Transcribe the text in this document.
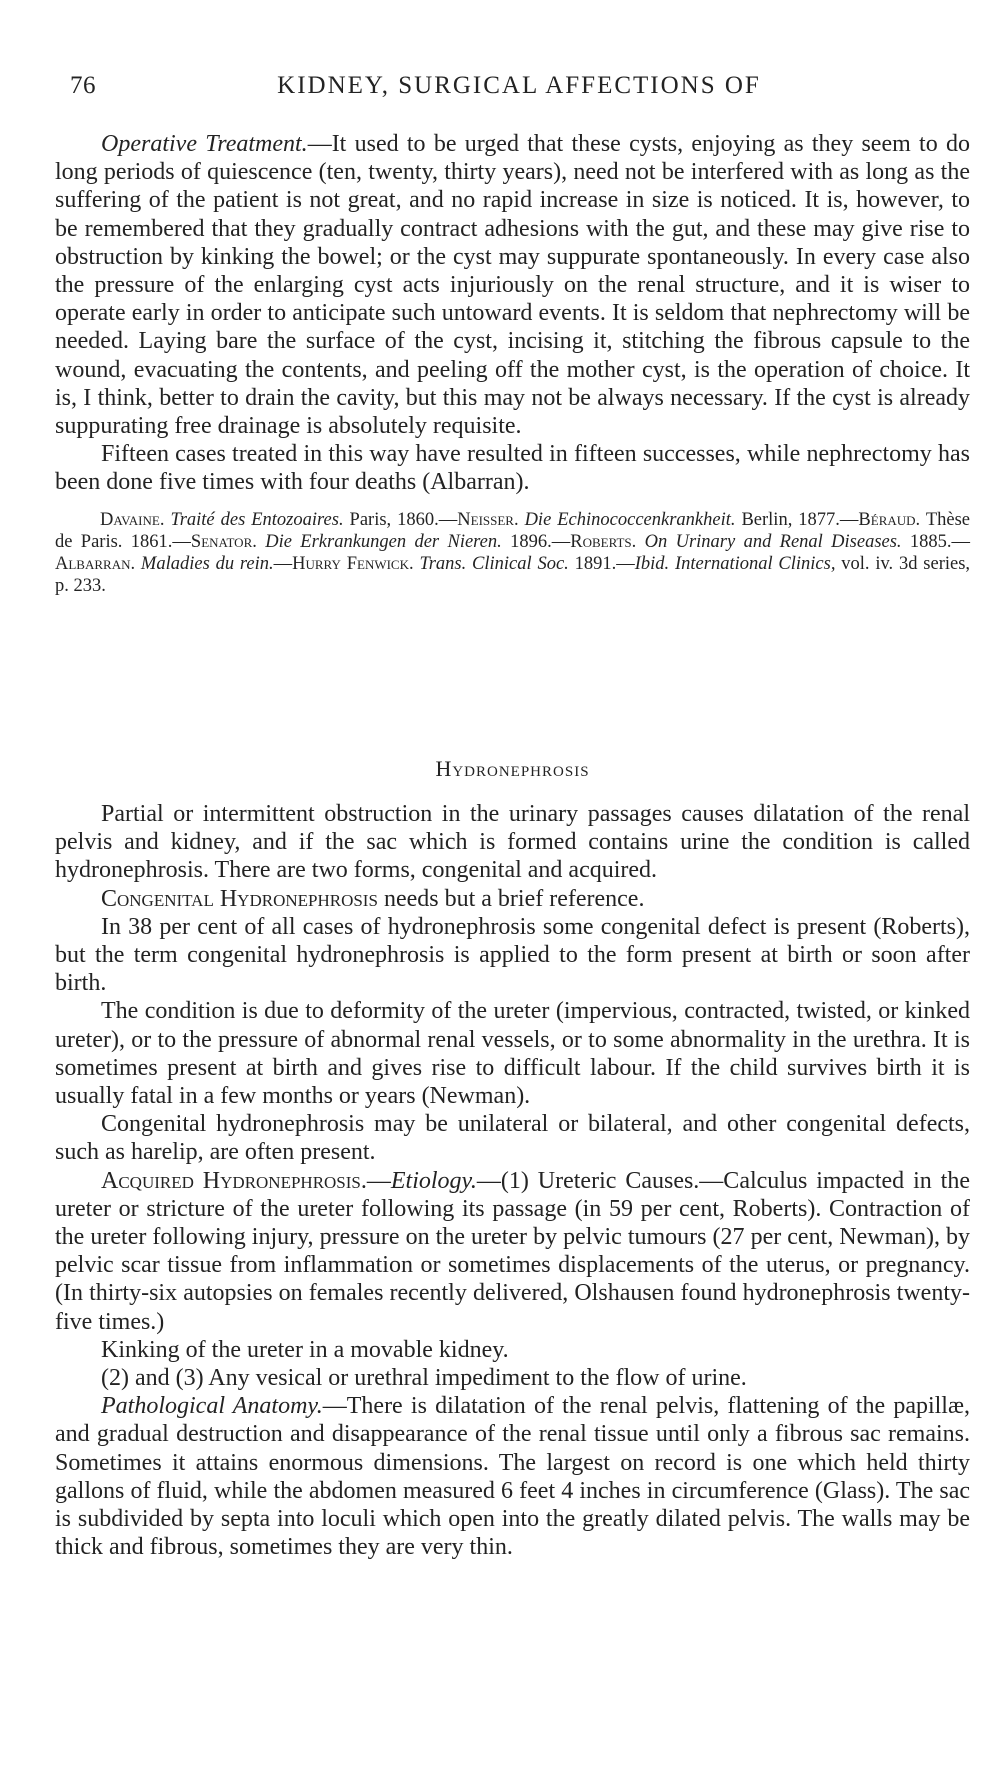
76	KIDNEY, SURGICAL AFFECTIONS OF

Operative Treatment.—It used to be urged that these cysts, enjoying as they seem to do long periods of quiescence (ten, twenty, thirty years), need not be interfered with as long as the suffering of the patient is not great, and no rapid increase in size is noticed. It is, however, to be remembered that they gradually contract adhesions with the gut, and these may give rise to obstruction by kinking the bowel; or the cyst may suppurate spontaneously. In every case also the pressure of the enlarging cyst acts injuriously on the renal structure, and it is wiser to operate early in order to anticipate such untoward events. It is seldom that nephrectomy will be needed. Laying bare the surface of the cyst, incising it, stitching the fibrous capsule to the wound, evacuating the contents, and peeling off the mother cyst, is the operation of choice. It is, I think, better to drain the cavity, but this may not be always necessary. If the cyst is already suppurating free drainage is absolutely requisite.

Fifteen cases treated in this way have resulted in fifteen successes, while nephrectomy has been done five times with four deaths (Albarran).

Davaine. Traité des Entozoaires. Paris, 1860.—Neisser. Die Echinococcenkrankheit. Berlin, 1877.—Béraud. Thèse de Paris. 1861.—Senator. Die Erkrankungen der Nieren. 1896.—Roberts. On Urinary and Renal Diseases. 1885.—Albarran. Maladies du rein.—Hurry Fenwick. Trans. Clinical Soc. 1891.—Ibid. International Clinics, vol. iv. 3d series, p. 233.

Hydronephrosis

Partial or intermittent obstruction in the urinary passages causes dilatation of the renal pelvis and kidney, and if the sac which is formed contains urine the condition is called hydronephrosis. There are two forms, congenital and acquired.

Congenital Hydronephrosis needs but a brief reference.

In 38 per cent of all cases of hydronephrosis some congenital defect is present (Roberts), but the term congenital hydronephrosis is applied to the form present at birth or soon after birth.

The condition is due to deformity of the ureter (impervious, contracted, twisted, or kinked ureter), or to the pressure of abnormal renal vessels, or to some abnormality in the urethra. It is sometimes present at birth and gives rise to difficult labour. If the child survives birth it is usually fatal in a few months or years (Newman).

Congenital hydronephrosis may be unilateral or bilateral, and other congenital defects, such as harelip, are often present.

Acquired Hydronephrosis.—Etiology.—(1) Ureteric Causes.—Calculus impacted in the ureter or stricture of the ureter following its passage (in 59 per cent, Roberts). Contraction of the ureter following injury, pressure on the ureter by pelvic tumours (27 per cent, Newman), by pelvic scar tissue from inflammation or sometimes displacements of the uterus, or pregnancy. (In thirty-six autopsies on females recently delivered, Olshausen found hydronephrosis twenty-five times.)

Kinking of the ureter in a movable kidney.

(2) and (3) Any vesical or urethral impediment to the flow of urine.

Pathological Anatomy.—There is dilatation of the renal pelvis, flattening of the papillæ, and gradual destruction and disappearance of the renal tissue until only a fibrous sac remains. Sometimes it attains enormous dimensions. The largest on record is one which held thirty gallons of fluid, while the abdomen measured 6 feet 4 inches in circumference (Glass). The sac is subdivided by septa into loculi which open into the greatly dilated pelvis. The walls may be thick and fibrous, sometimes they are very thin.
